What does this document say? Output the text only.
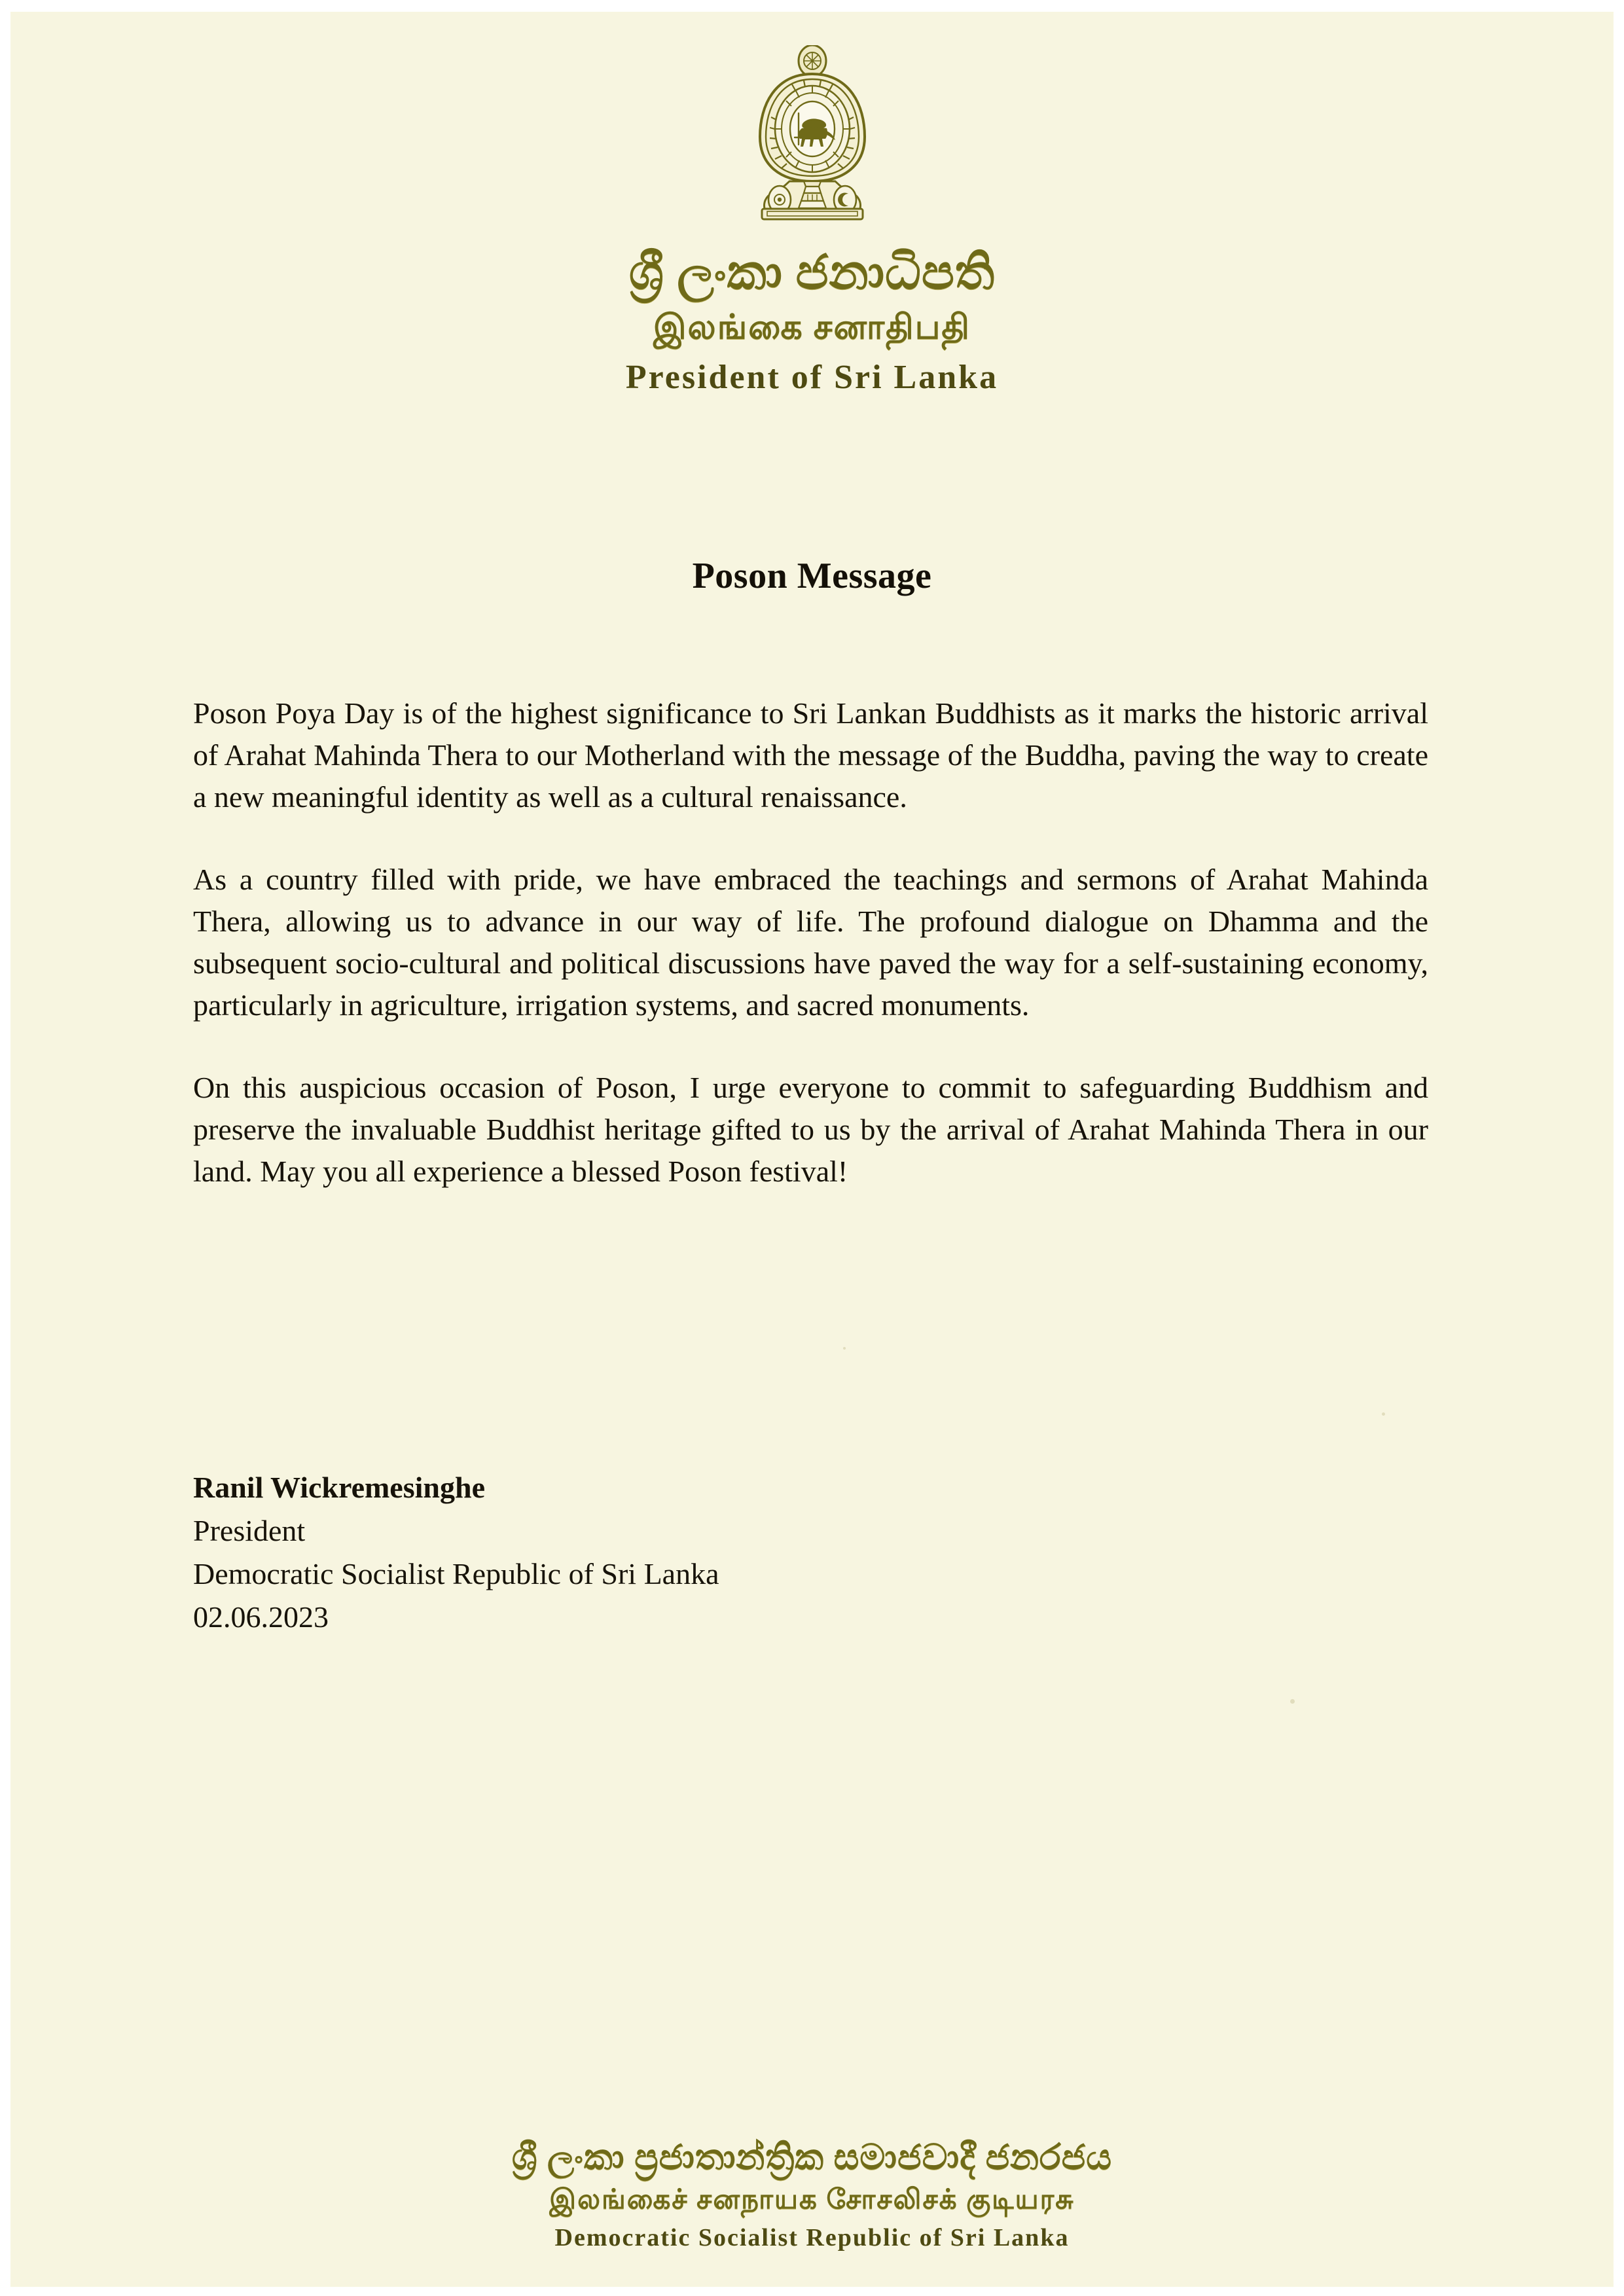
ශ්‍රී ලංකා ජනාධිපති
இலங்கை சனாதிபதி
President of Sri Lanka
Poson Message

Poson Poya Day is of the highest significance to Sri Lankan Buddhists as it marks the historic arrival of Arahat Mahinda Thera to our Motherland with the message of the Buddha, paving the way to create a new meaningful identity as well as a cultural renaissance.

As a country filled with pride, we have embraced the teachings and sermons of Arahat Mahinda Thera, allowing us to advance in our way of life. The profound dialogue on Dhamma and the subsequent socio-cultural and political discussions have paved the way for a self-sustaining economy, particularly in agriculture, irrigation systems, and sacred monuments.

On this auspicious occasion of Poson, I urge everyone to commit to safeguarding Buddhism and preserve the invaluable Buddhist heritage gifted to us by the arrival of Arahat Mahinda Thera in our land. May you all experience a blessed Poson festival!

Ranil Wickremesinghe
President
Democratic Socialist Republic of Sri Lanka
02.06.2023
ශ්‍රී ලංකා ප්‍රජාතාන්ත්‍රික සමාජවාදී ජනරජය
இலங்கைச் சனநாயக சோசலிசக் குடியரசு
Democratic Socialist Republic of Sri Lanka
